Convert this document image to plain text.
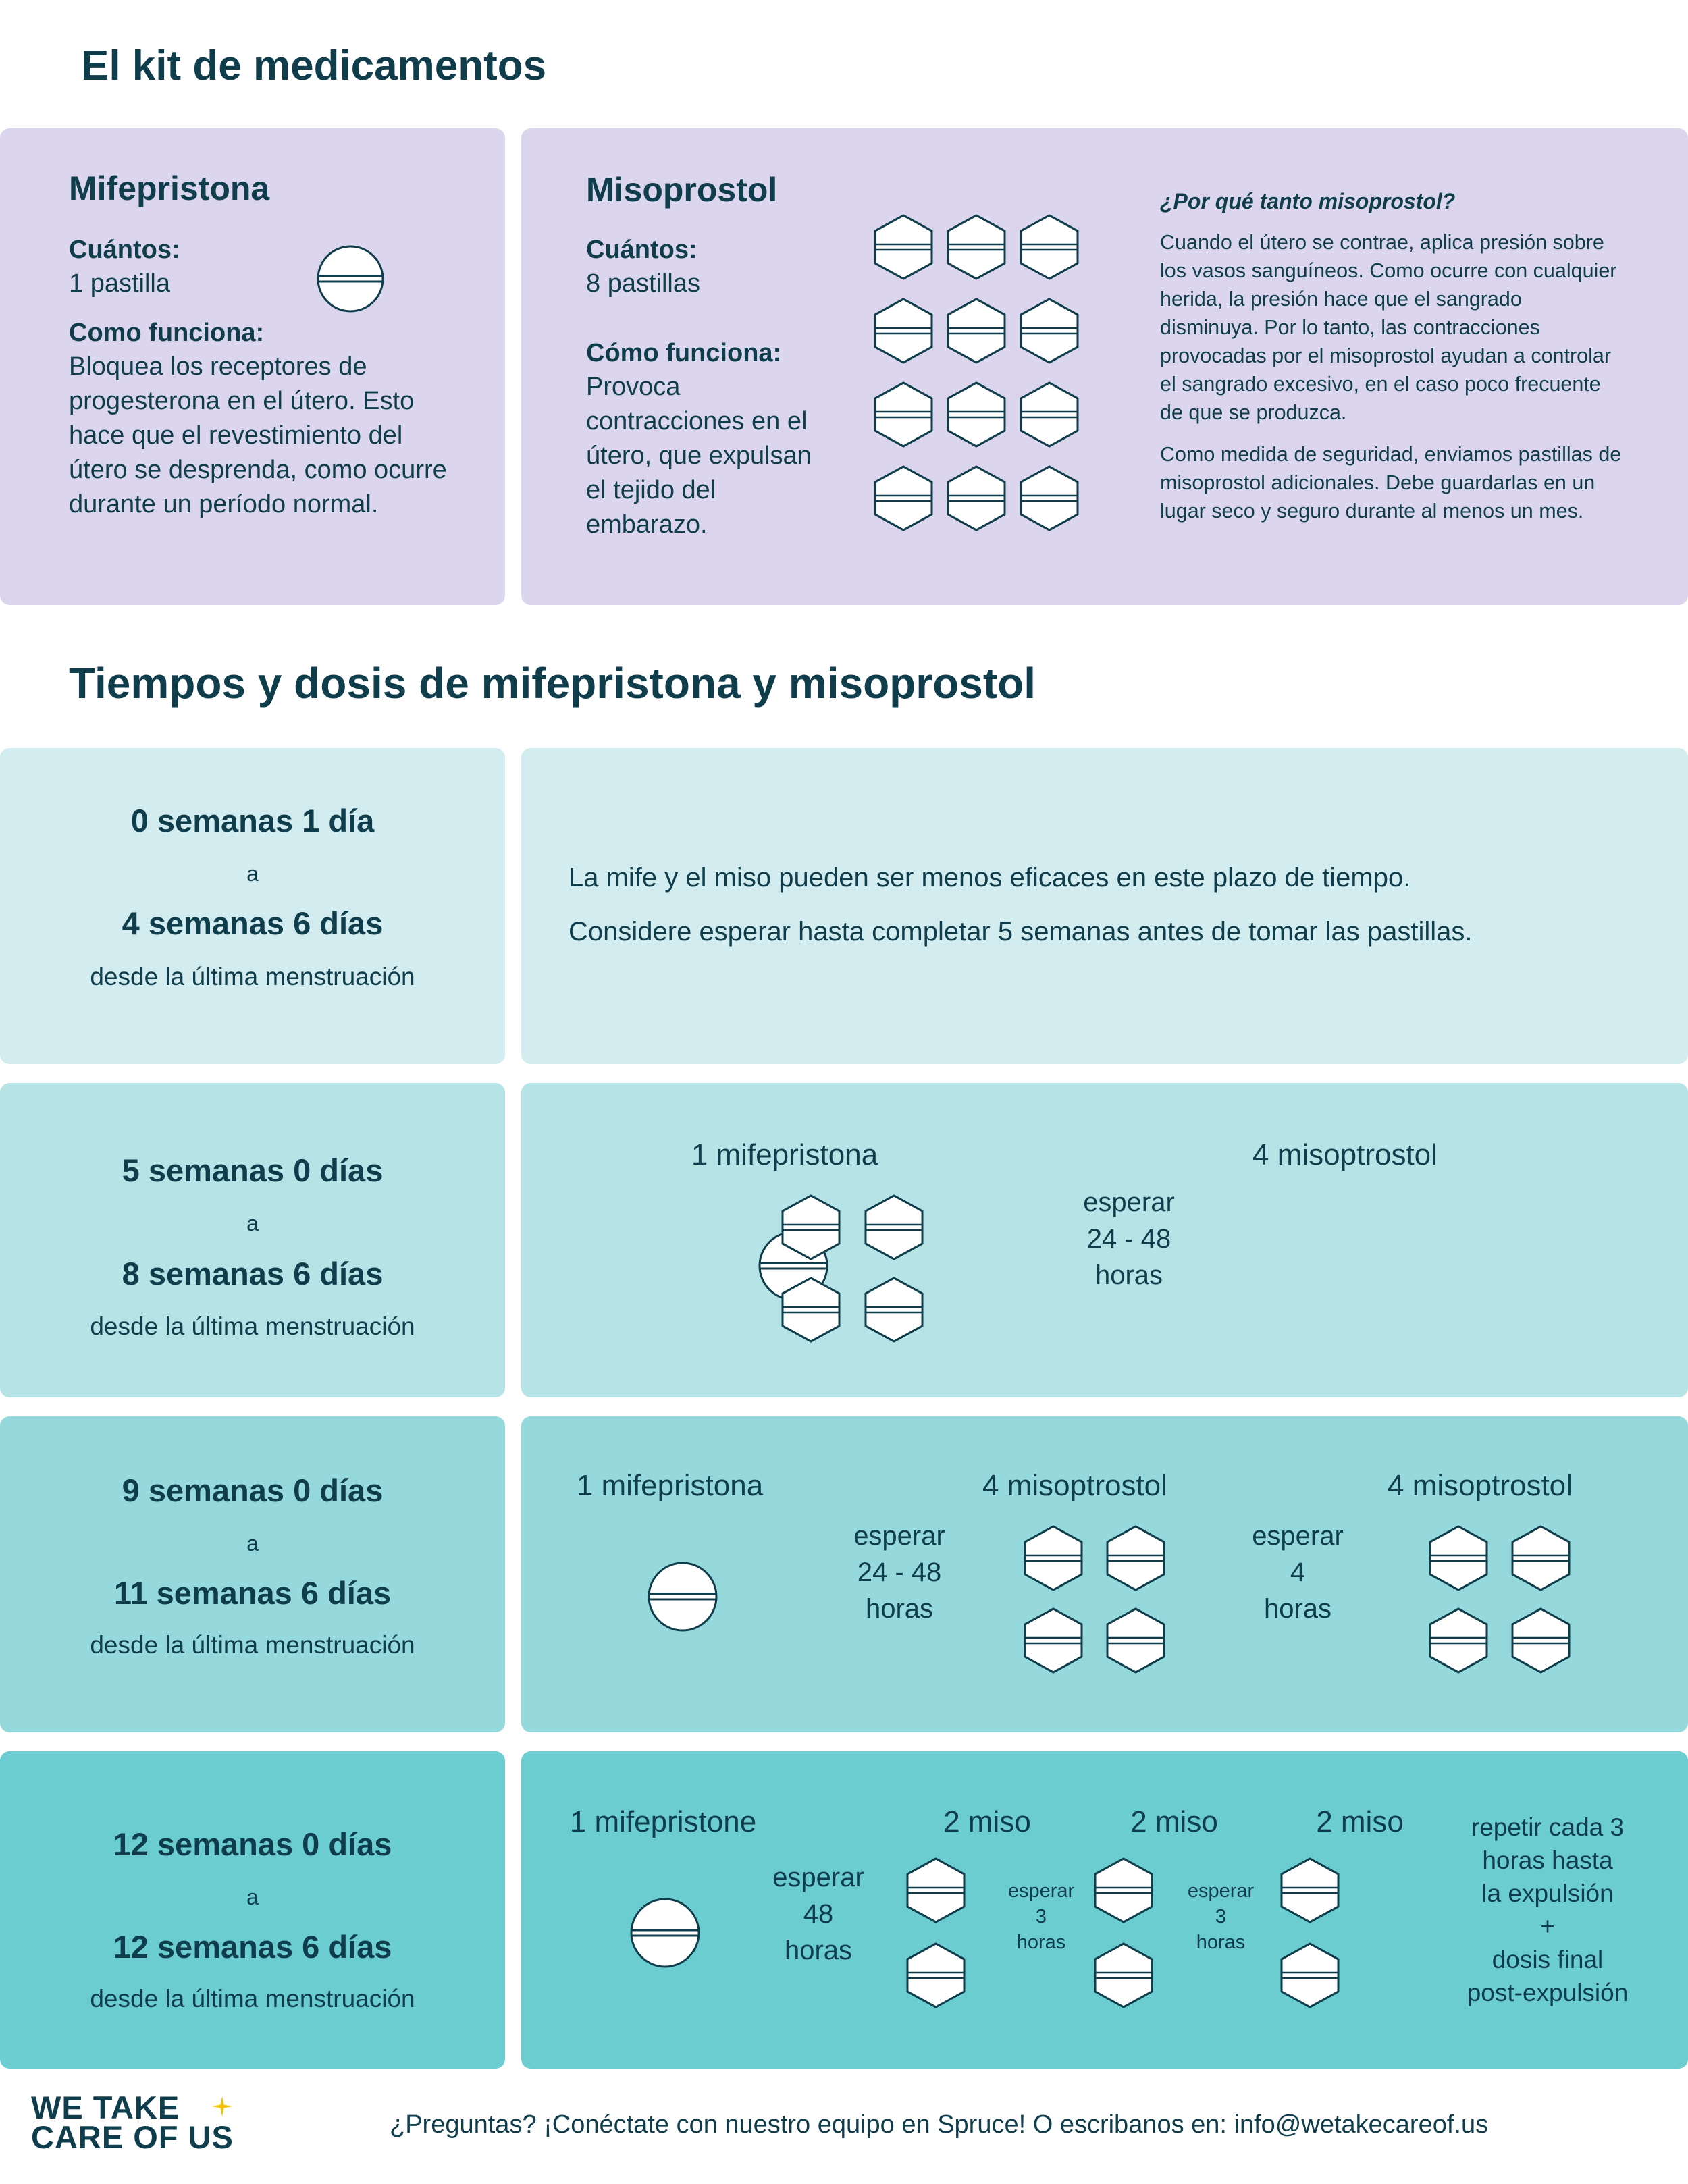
El kit de medicamentos
Mifepristona
Cuántos:
1 pastilla
Como funciona:
Bloquea los receptores de progesterona en el útero. Esto hace que el revestimiento del útero se desprenda, como ocurre durante un período normal.
Misoprostol
Cuántos:
8 pastillas
Cómo funciona:
Provoca contracciones en el útero, que expulsan el tejido del embarazo.
¿Por qué tanto misoprostol?
Cuando el útero se contrae, aplica presión sobre los vasos sanguíneos. Como ocurre con cualquier herida, la presión hace que el sangrado disminuya. Por lo tanto, las contracciones provocadas por el misoprostol ayudan a controlar el sangrado excesivo, en el caso poco frecuente de que se produzca.
Como medida de seguridad, enviamos pastillas de misoprostol adicionales. Debe guardarlas en un lugar seco y seguro durante al menos un mes.
Tiempos y dosis de mifepristona y misoprostol
0 semanas 1 día
a
4 semanas 6 días
desde la última menstruación
La mife y el miso pueden ser menos eficaces en este plazo de tiempo.
Considere esperar hasta completar 5 semanas antes de tomar las pastillas.
5 semanas 0 días
a
8 semanas 6 días
desde la última menstruación
1 mifepristona
esperar
24 - 48
horas
4 misoptrostol
9 semanas 0 días
a
11 semanas 6 días
desde la última menstruación
1 mifepristona
esperar
24 - 48
horas
4 misoptrostol
esperar
4
horas
4 misoptrostol
12 semanas 0 días
a
12 semanas 6 días
desde la última menstruación
1 mifepristone
esperar
48
horas
2 miso	2 miso	2 miso
esperar
3
horas
esperar
3
horas
repetir cada 3
horas hasta
la expulsión
+
dosis final
post-expulsión
WE TAKE
CARE OF US	¿Preguntas? ¡Conéctate con nuestro equipo en Spruce! O escribanos en: info@wetakecareof.us
